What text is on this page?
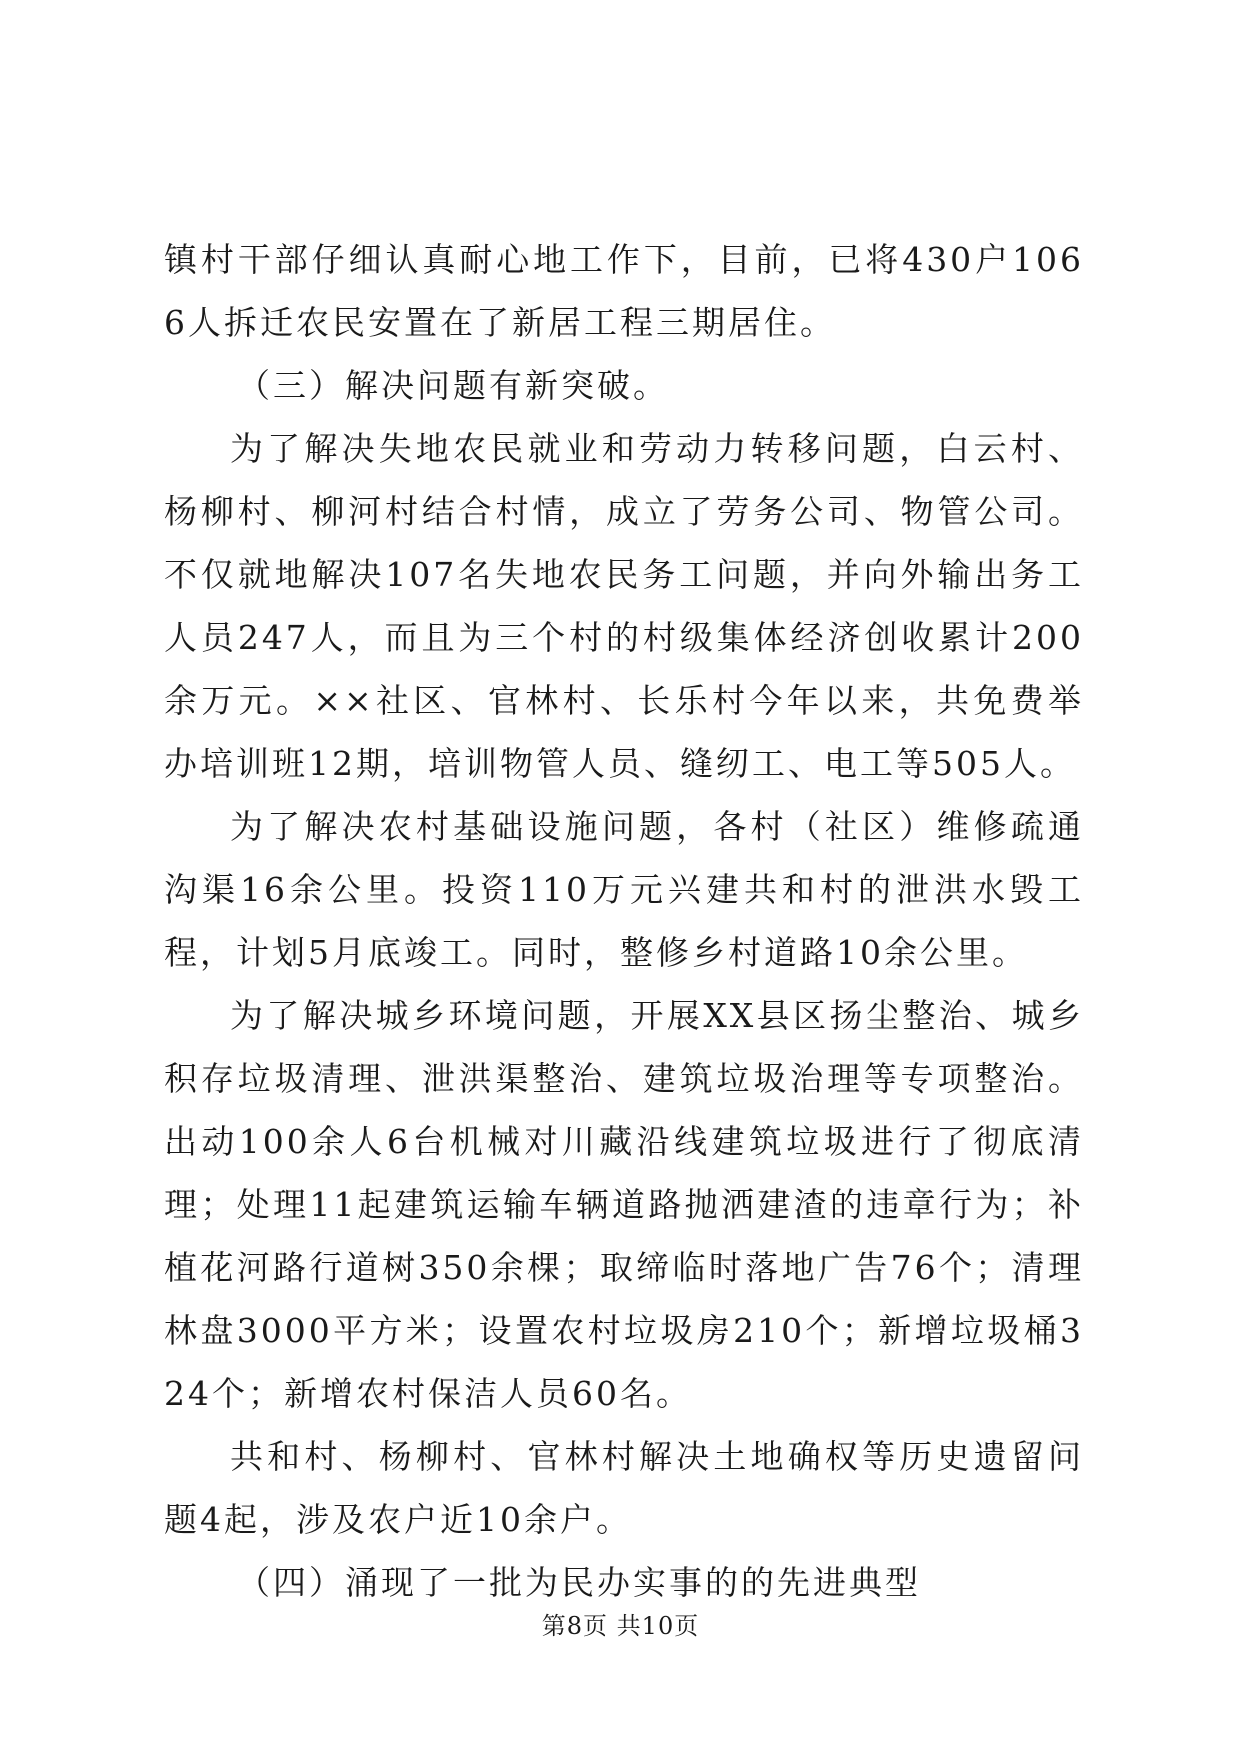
镇村干部仔细认真耐心地工作下，目前，已将430户1066人拆迁农民安置在了新居工程三期居住。

（三）解决问题有新突破。

为了解决失地农民就业和劳动力转移问题，白云村、杨柳村、柳河村结合村情，成立了劳务公司、物管公司。不仅就地解决107名失地农民务工问题，并向外输出务工人员247人，而且为三个村的村级集体经济创收累计200余万元。××社区、官林村、长乐村今年以来，共免费举办培训班12期，培训物管人员、缝纫工、电工等505人。

为了解决农村基础设施问题，各村（社区）维修疏通沟渠16余公里。投资110万元兴建共和村的泄洪水毁工程，计划5月底竣工。同时，整修乡村道路10余公里。

为了解决城乡环境问题，开展XX县区扬尘整治、城乡积存垃圾清理、泄洪渠整治、建筑垃圾治理等专项整治。出动100余人6台机械对川藏沿线建筑垃圾进行了彻底清理；处理11起建筑运输车辆道路抛洒建渣的违章行为；补植花河路行道树350余棵；取缔临时落地广告76个；清理林盘3000平方米；设置农村垃圾房210个；新增垃圾桶324个；新增农村保洁人员60名。

共和村、杨柳村、官林村解决土地确权等历史遗留问题4起，涉及农户近10余户。

（四）涌现了一批为民办实事的的先进典型

第8页 共10页
